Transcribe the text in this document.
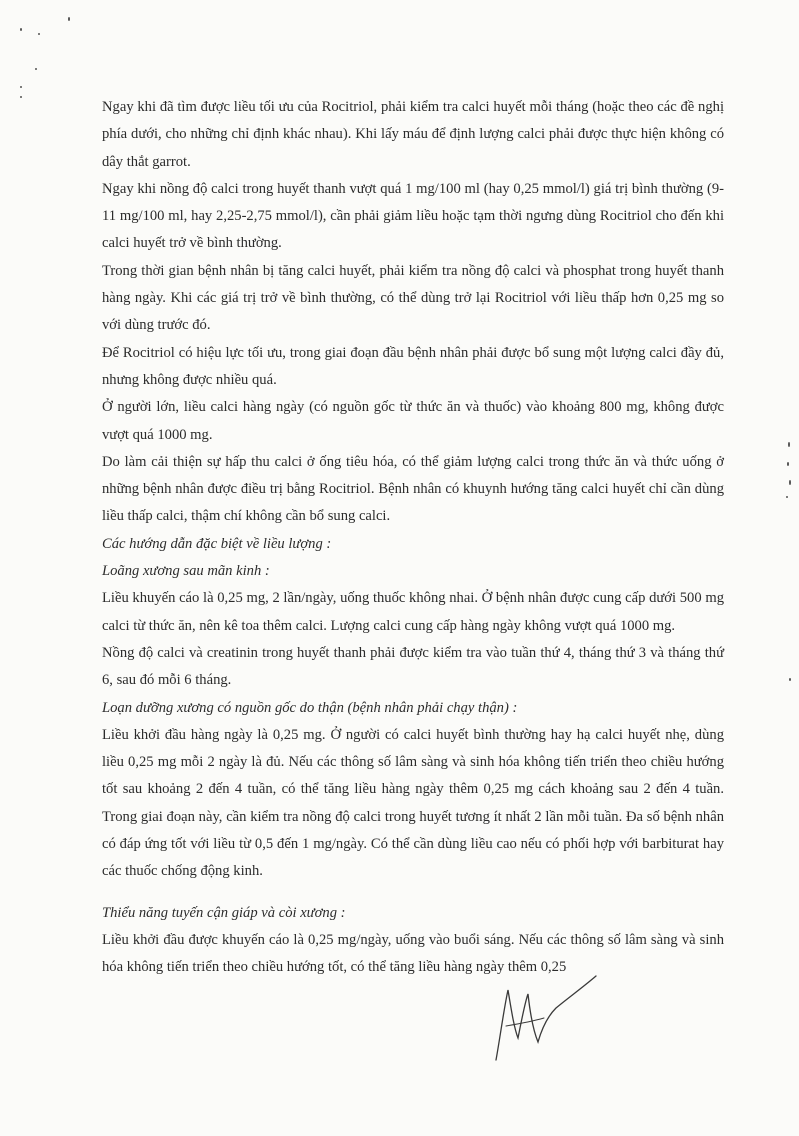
Ngay khi đã tìm được liều tối ưu của Rocitriol, phải kiểm tra calci huyết mỗi tháng (hoặc theo các đề nghị phía dưới, cho những chỉ định khác nhau). Khi lấy máu để định lượng calci phải được thực hiện không có dây thắt garrot.

Ngay khi nồng độ calci trong huyết thanh vượt quá 1 mg/100 ml (hay 0,25 mmol/l) giá trị bình thường (9-11 mg/100 ml, hay 2,25-2,75 mmol/l), cần phải giảm liều hoặc tạm thời ngưng dùng Rocitriol cho đến khi calci huyết trở về bình thường.

Trong thời gian bệnh nhân bị tăng calci huyết, phải kiểm tra nồng độ calci và phosphat trong huyết thanh hàng ngày. Khi các giá trị trở về bình thường, có thể dùng trở lại Rocitriol với liều thấp hơn 0,25 mg so với dùng trước đó.

Để Rocitriol có hiệu lực tối ưu, trong giai đoạn đầu bệnh nhân phải được bổ sung một lượng calci đầy đủ, nhưng không được nhiều quá.

Ở người lớn, liều calci hàng ngày (có nguồn gốc từ thức ăn và thuốc) vào khoảng 800 mg, không được vượt quá 1000 mg.

Do làm cải thiện sự hấp thu calci ở ống tiêu hóa, có thể giảm lượng calci trong thức ăn và thức uống ở những bệnh nhân được điều trị bằng Rocitriol. Bệnh nhân có khuynh hướng tăng calci huyết chỉ cần dùng liều thấp calci, thậm chí không cần bổ sung calci.

Các hướng dẫn đặc biệt về liều lượng :

Loãng xương sau mãn kinh :

Liều khuyến cáo là 0,25 mg, 2 lần/ngày, uống thuốc không nhai. Ở bệnh nhân được cung cấp dưới 500 mg calci từ thức ăn, nên kê toa thêm calci. Lượng calci cung cấp hàng ngày không vượt quá 1000 mg.

Nồng độ calci và creatinin trong huyết thanh phải được kiểm tra vào tuần thứ 4, tháng thứ 3 và tháng thứ 6, sau đó mỗi 6 tháng.

Loạn dưỡng xương có nguồn gốc do thận (bệnh nhân phải chạy thận) :

Liều khởi đầu hàng ngày là 0,25 mg. Ở người có calci huyết bình thường hay hạ calci huyết nhẹ, dùng liều 0,25 mg mỗi 2 ngày là đủ. Nếu các thông số lâm sàng và sinh hóa không tiến triển theo chiều hướng tốt sau khoảng 2 đến 4 tuần, có thể tăng liều hàng ngày thêm 0,25 mg cách khoảng sau 2 đến 4 tuần. Trong giai đoạn này, cần kiểm tra nồng độ calci trong huyết tương ít nhất 2 lần mỗi tuần. Đa số bệnh nhân có đáp ứng tốt với liều từ 0,5 đến 1 mg/ngày. Có thể cần dùng liều cao nếu có phối hợp với barbiturat hay các thuốc chống động kinh.

Thiểu năng tuyến cận giáp và còi xương :

Liều khởi đầu được khuyến cáo là 0,25 mg/ngày, uống vào buổi sáng. Nếu các thông số lâm sàng và sinh hóa không tiến triển theo chiều hướng tốt, có thể tăng liều hàng ngày thêm 0,25
